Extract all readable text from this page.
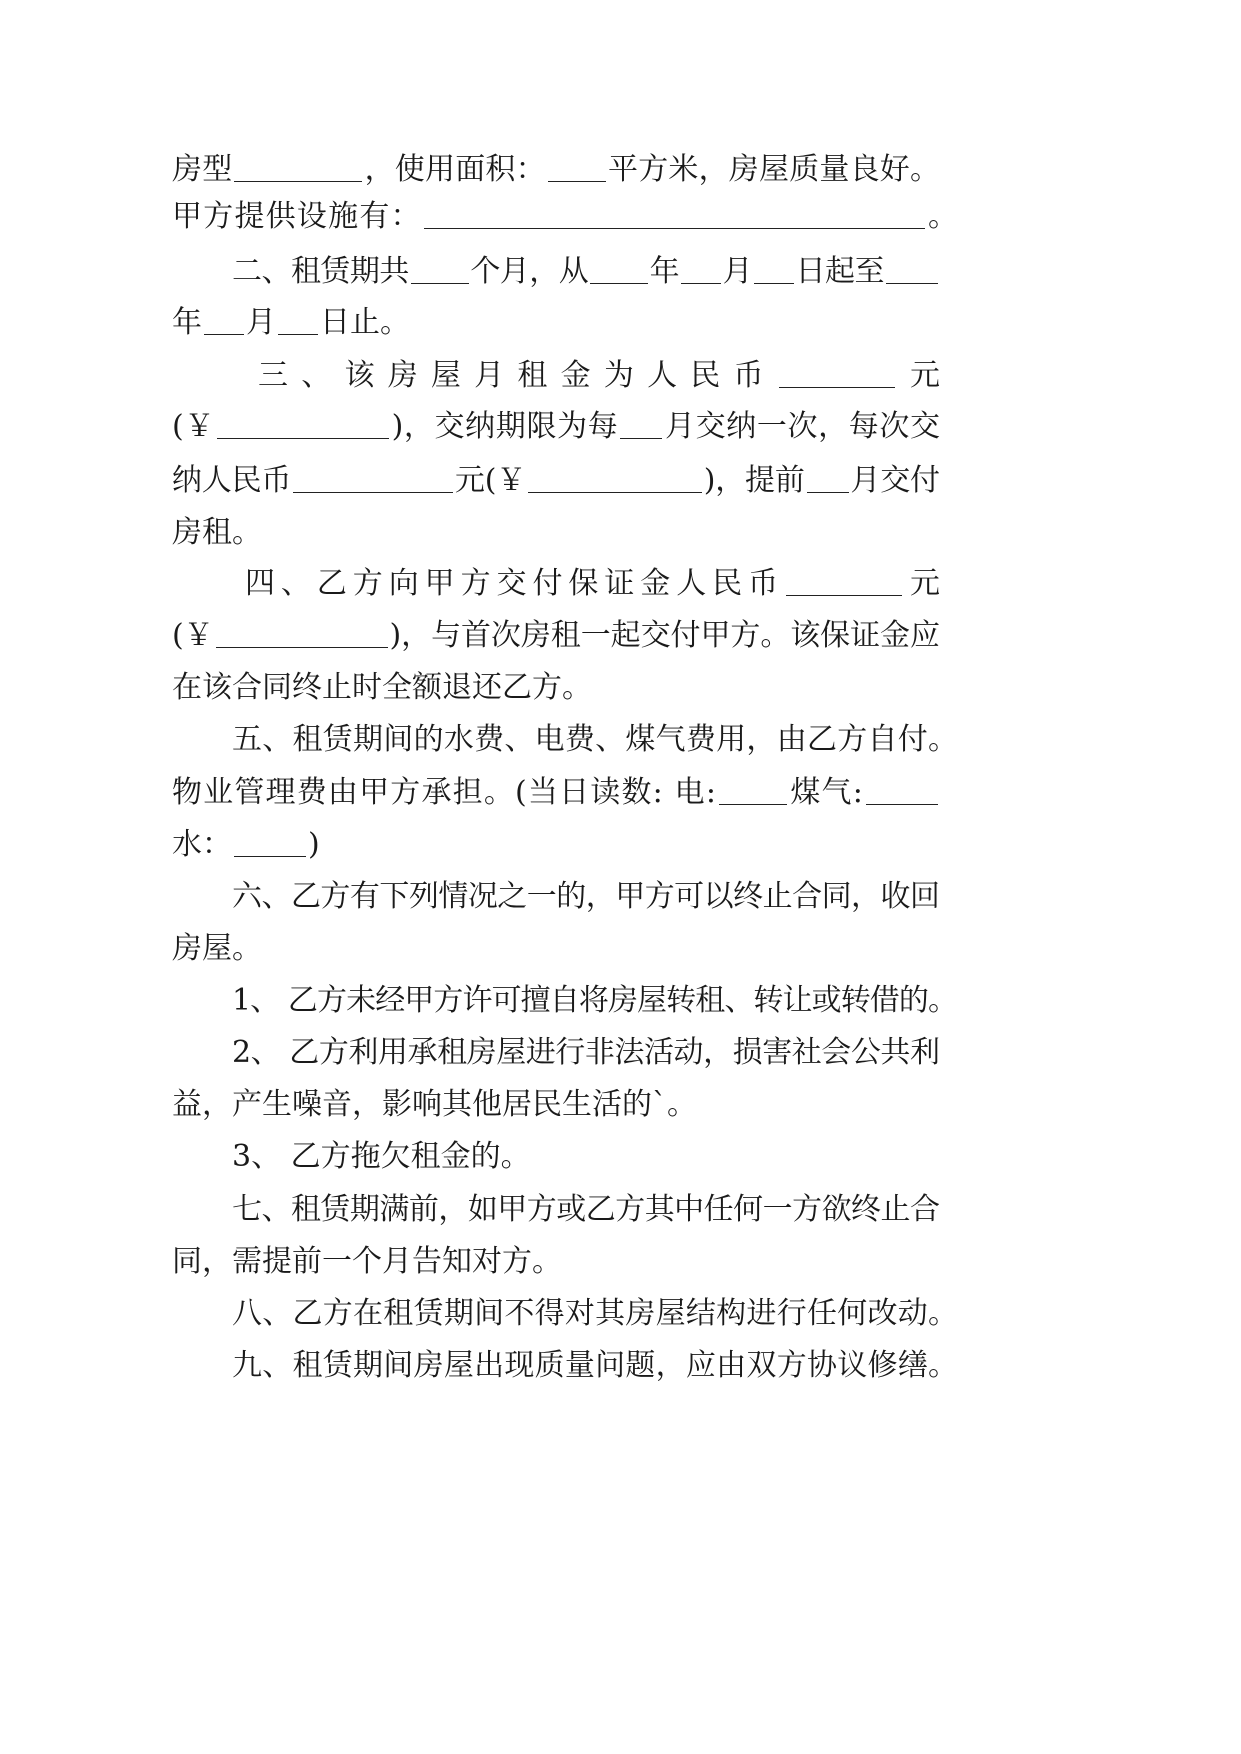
房型	，使用面积： 平方米，房屋质量良好。
甲方提供设施有：	。
二、租赁期共 个月，从 年 月 日起至
年 月 日止。
三、该房屋月租金为人民币	元
(￥	)，交纳期限为每 月交纳一次，每次交
纳人民币	元(￥	)，提前 月交付
房租。
四、乙方向甲方交付保证金人民币	元
(￥	)，与首次房租一起交付甲方。该保证金应
在该合同终止时全额退还乙方。
五、租赁期间的水费、电费、煤气费用，由乙方自付。
物业管理费由甲方承担。(当日读数: 电: 煤气:
水：	)
六、乙方有下列情况之一的，甲方可以终止合同，收回
房屋。
1、 乙方未经甲方许可擅自将房屋转租、转让或转借的。
2、 乙方利用承租房屋进行非法活动，损害社会公共利
益，产生噪音，影响其他居民生活的`。
3、 乙方拖欠租金的。
七、租赁期满前，如甲方或乙方其中任何一方欲终止合
同，需提前一个月告知对方。
八、乙方在租赁期间不得对其房屋结构进行任何改动。
九、租赁期间房屋出现质量问题，应由双方协议修缮。
